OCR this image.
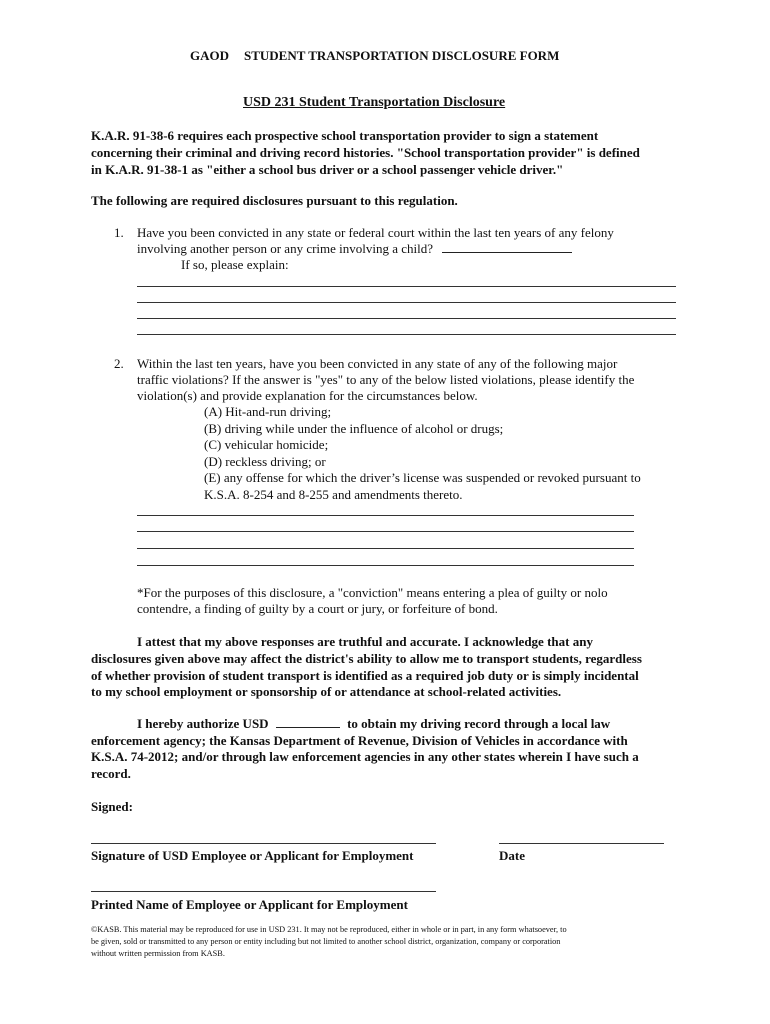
GAOD STUDENT TRANSPORTATION DISCLOSURE FORM
USD 231 Student Transportation Disclosure
K.A.R. 91-38-6 requires each prospective school transportation provider to sign a statement
concerning their criminal and driving record histories. "School transportation provider" is defined
in K.A.R. 91-38-1 as "either a school bus driver or a school passenger vehicle driver."
The following are required disclosures pursuant to this regulation.
1. Have you been convicted in any state or federal court within the last ten years of any felony
involving another person or any crime involving a child?
If so, please explain:
2. Within the last ten years, have you been convicted in any state of any of the following major
traffic violations? If the answer is "yes" to any of the below listed violations, please identify the
violation(s) and provide explanation for the circumstances below.
(A) Hit-and-run driving;
(B) driving while under the influence of alcohol or drugs;
(C) vehicular homicide;
(D) reckless driving; or
(E) any offense for which the driver’s license was suspended or revoked pursuant to
K.S.A. 8-254 and 8-255 and amendments thereto.
*For the purposes of this disclosure, a "conviction" means entering a plea of guilty or nolo
contendre, a finding of guilty by a court or jury, or forfeiture of bond.
I attest that my above responses are truthful and accurate. I acknowledge that any
disclosures given above may affect the district's ability to allow me to transport students, regardless
of whether provision of student transport is identified as a required job duty or is simply incidental
to my school employment or sponsorship of or attendance at school-related activities.
I hereby authorize USD	to obtain my driving record through a local law
enforcement agency; the Kansas Department of Revenue, Division of Vehicles in accordance with
K.S.A. 74-2012; and/or through law enforcement agencies in any other states wherein I have such a
record.
Signed:
Signature of USD Employee or Applicant for Employment	Date
Printed Name of Employee or Applicant for Employment
©KASB. This material may be reproduced for use in USD 231. It may not be reproduced, either in whole or in part, in any form whatsoever, to
be given, sold or transmitted to any person or entity including but not limited to another school district, organization, company or corporation
without written permission from KASB.
